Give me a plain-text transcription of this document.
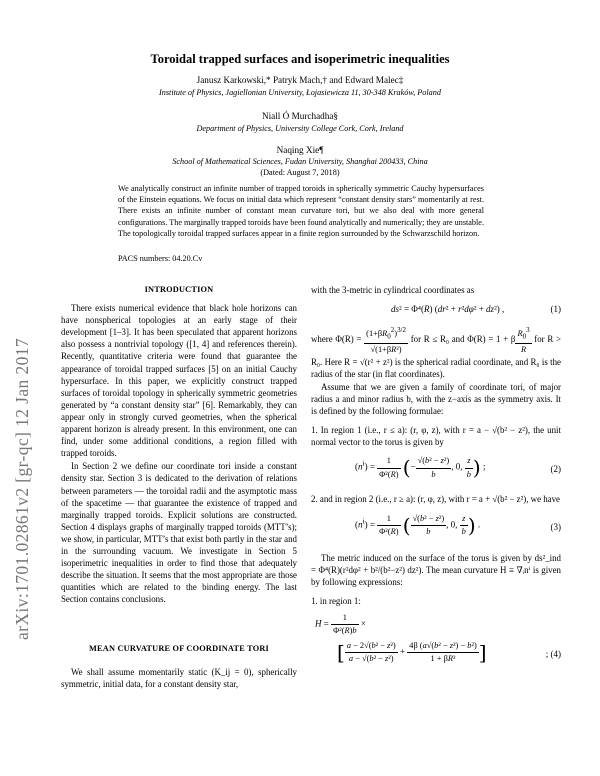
Toroidal trapped surfaces and isoperimetric inequalities
Janusz Karkowski,* Patryk Mach,† and Edward Malec‡
Institute of Physics, Jagiellonian University, Łojasiewicza 11, 30-348 Kraków, Poland
Niall Ó Murchadha§
Department of Physics, University College Cork, Cork, Ireland
Naqing Xie¶
School of Mathematical Sciences, Fudan University, Shanghai 200433, China
(Dated: August 7, 2018)
We analytically construct an infinite number of trapped toroids in spherically symmetric Cauchy hypersurfaces of the Einstein equations. We focus on initial data which represent “constant density stars” momentarily at rest. There exists an infinite number of constant mean curvature tori, but we also deal with more general configurations. The marginally trapped toroids have been found analytically and numerically; they are unstable. The topologically toroidal trapped surfaces appear in a finite region surrounded by the Schwarzschild horizon.
PACS numbers: 04.20.Cv
arXiv:1701.02861v2 [gr-qc] 12 Jan 2017
INTRODUCTION

There exists numerical evidence that black hole horizons can have nonspherical topologies at an early stage of their development [1–3]. It has been speculated that apparent horizons also possess a nontrivial topology ([1, 4] and references therein). Recently, quantitative criteria were found that guarantee the appearance of toroidal trapped surfaces [5] on an initial Cauchy hypersurface. In this paper, we explicitly construct trapped surfaces of toroidal topology in spherically symmetric geometries generated by “a constant density star” [6]. Remarkably, they can appear only in strongly curved geometries, when the spherical apparent horizon is already present. In this environment, one can find, under some additional conditions, a region filled with trapped toroids.

In Section 2 we define our coordinate tori inside a constant density star. Section 3 is dedicated to the derivation of relations between parameters — the toroidal radii and the asymptotic mass of the spacetime — that guarantee the existence of trapped and marginally trapped toroids. Explicit solutions are constructed. Section 4 displays graphs of marginally trapped toroids (MTT’s); we show, in particular, MTT’s that exist both partly in the star and in the surrounding vacuum. We investigate in Section 5 isoperimetric inequalities in order to find those that adequately describe the situation. It seems that the most appropriate are those quantities which are related to the binding energy. The last Section contains conclusions.

MEAN CURVATURE OF COORDINATE TORI

We shall assume momentarily static (K_ij = 0), spherically symmetric, initial data, for a constant density star,

with the 3-metric in cylindrical coordinates as

ds² = Φ⁴(R) (dr² + r²dφ² + dz²) ,	(1)

where $\Phi(R) = \frac{(1+\beta R_0^2)^{3/2}}{\text{√(1+βR²)}}$ for R ≤ R₀ and Φ(R) = 1 + β $\frac{R_0^3}{R}$ for R > R₀. Here R = √(r² + z²) is the spherical radial coordinate, and R₀ is the radius of the star (in flat coordinates).

Assume that we are given a family of coordinate tori, of major radius a and minor radius b, with the z−axis as the symmetry axis. It is defined by the following formulae:

1. In region 1 (i.e., r ≤ a): (r, φ, z), with r = a − √(b² − z²), the unit normal vector to the torus is given by

$(n^i) = \frac{1}{\text{Φ²(R)}}$ (− $\frac{\text{√(b² − z²)}}{b}$ , 0, $\frac{z}{b}$ ) ;	(2)

2. and in region 2 (i.e., r ≥ a): (r, φ, z), with r = a + √(b² − z²), we have

$(n^i) = \frac{1}{\text{Φ²(R)}}$ ( $\frac{\text{√(b² − z²)}}{b}$ , 0, $\frac{z}{b}$ ) .	(3)

The metric induced on the surface of the torus is given by ds²_ind = Φ⁴(R)(r²dφ² + b²/(b²−z²) dz²). The mean curvature H ≡ ∇ᵢnⁱ is given by following expressions:

1. in region 1:

$H = \frac{1}{\text{Φ²(R)b}}$ ×
[ $\frac{\text{a − 2√(b² − z²)}}{\text{a − √(b² − z²)}} + \frac{\text{4β (a√(b² − z²) − b²)}}{\text{1 + βR²}}$ ]	; (4)
